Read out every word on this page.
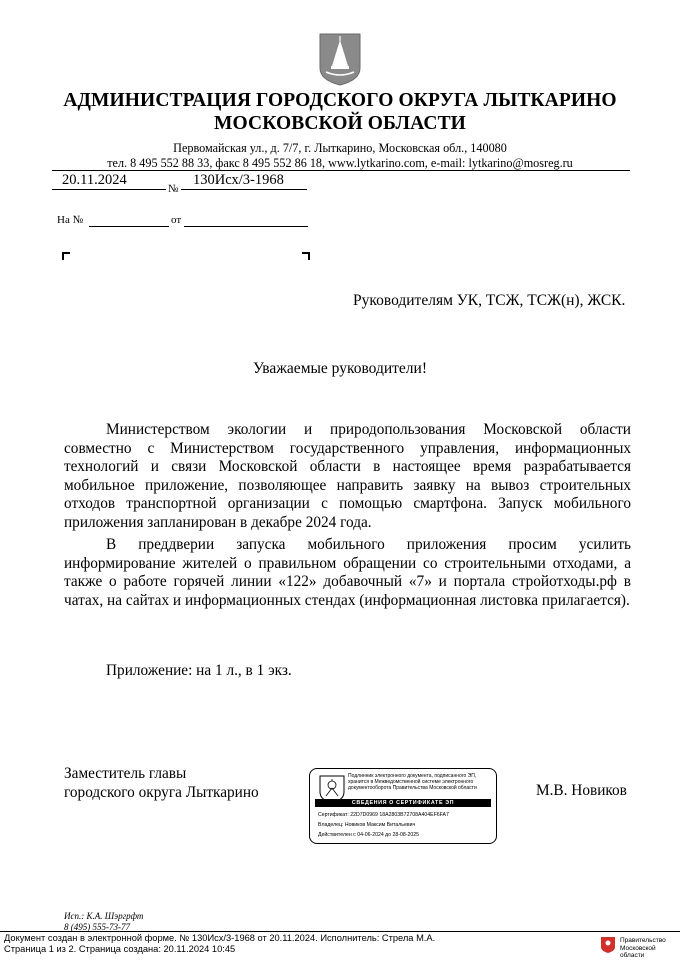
АДМИНИСТРАЦИЯ ГОРОДСКОГО ОКРУГА ЛЫТКАРИНО
МОСКОВСКОЙ ОБЛАСТИ
Первомайская ул., д. 7/7, г. Лыткарино, Московская обл., 140080
тел. 8 495 552 88 33, факс 8 495 552 86 18, www.lytkarino.com, e-mail: lytkarino@mosreg.ru
20.11.2024
№
130Исх/3-1968
На №	от
Руководителям УК, ТСЖ, ТСЖ(н), ЖСК.
Уважаемые руководители!
Министерством экологии и природопользования Московской области совместно с Министерством государственного управления, информационных технологий и связи Московской области в настоящее время разрабатывается мобильное приложение, позволяющее направить заявку на вывоз строительных отходов транспортной организации с помощью смартфона. Запуск мобильного приложения запланирован в декабре 2024 года.
В преддверии запуска мобильного приложения просим усилить информирование жителей о правильном обращении со строительными отходами, а также о работе горячей линии «122» добавочный «7» и портала стройотходы.рф в чатах, на сайтах и информационных стендах (информационная листовка прилагается).
Приложение: на 1 л., в 1 экз.
Заместитель главы
городского округа Лыткарино
Подлинник электронного документа, подписанного ЭП,
хранится в Межведомственной системе электронного
документооборота Правительства Московской области
СВЕДЕНИЯ О СЕРТИФИКАТЕ ЭП
Сертификат: 22D7D0969 18A2803B72708A404EF6FA7
Владелец: Новиков Максим Витальевич
Действителен с 04-06-2024 до 28-08-2025
М.В. Новиков
Исп.: К.А. Шэргрфт
8 (495) 555-73-77
Документ создан в электронной форме. № 130Исх/3-1968 от 20.11.2024. Исполнитель: Стрела М.А.
Страница 1 из 2. Страница создана: 20.11.2024 10:45
Правительство
Московской области
